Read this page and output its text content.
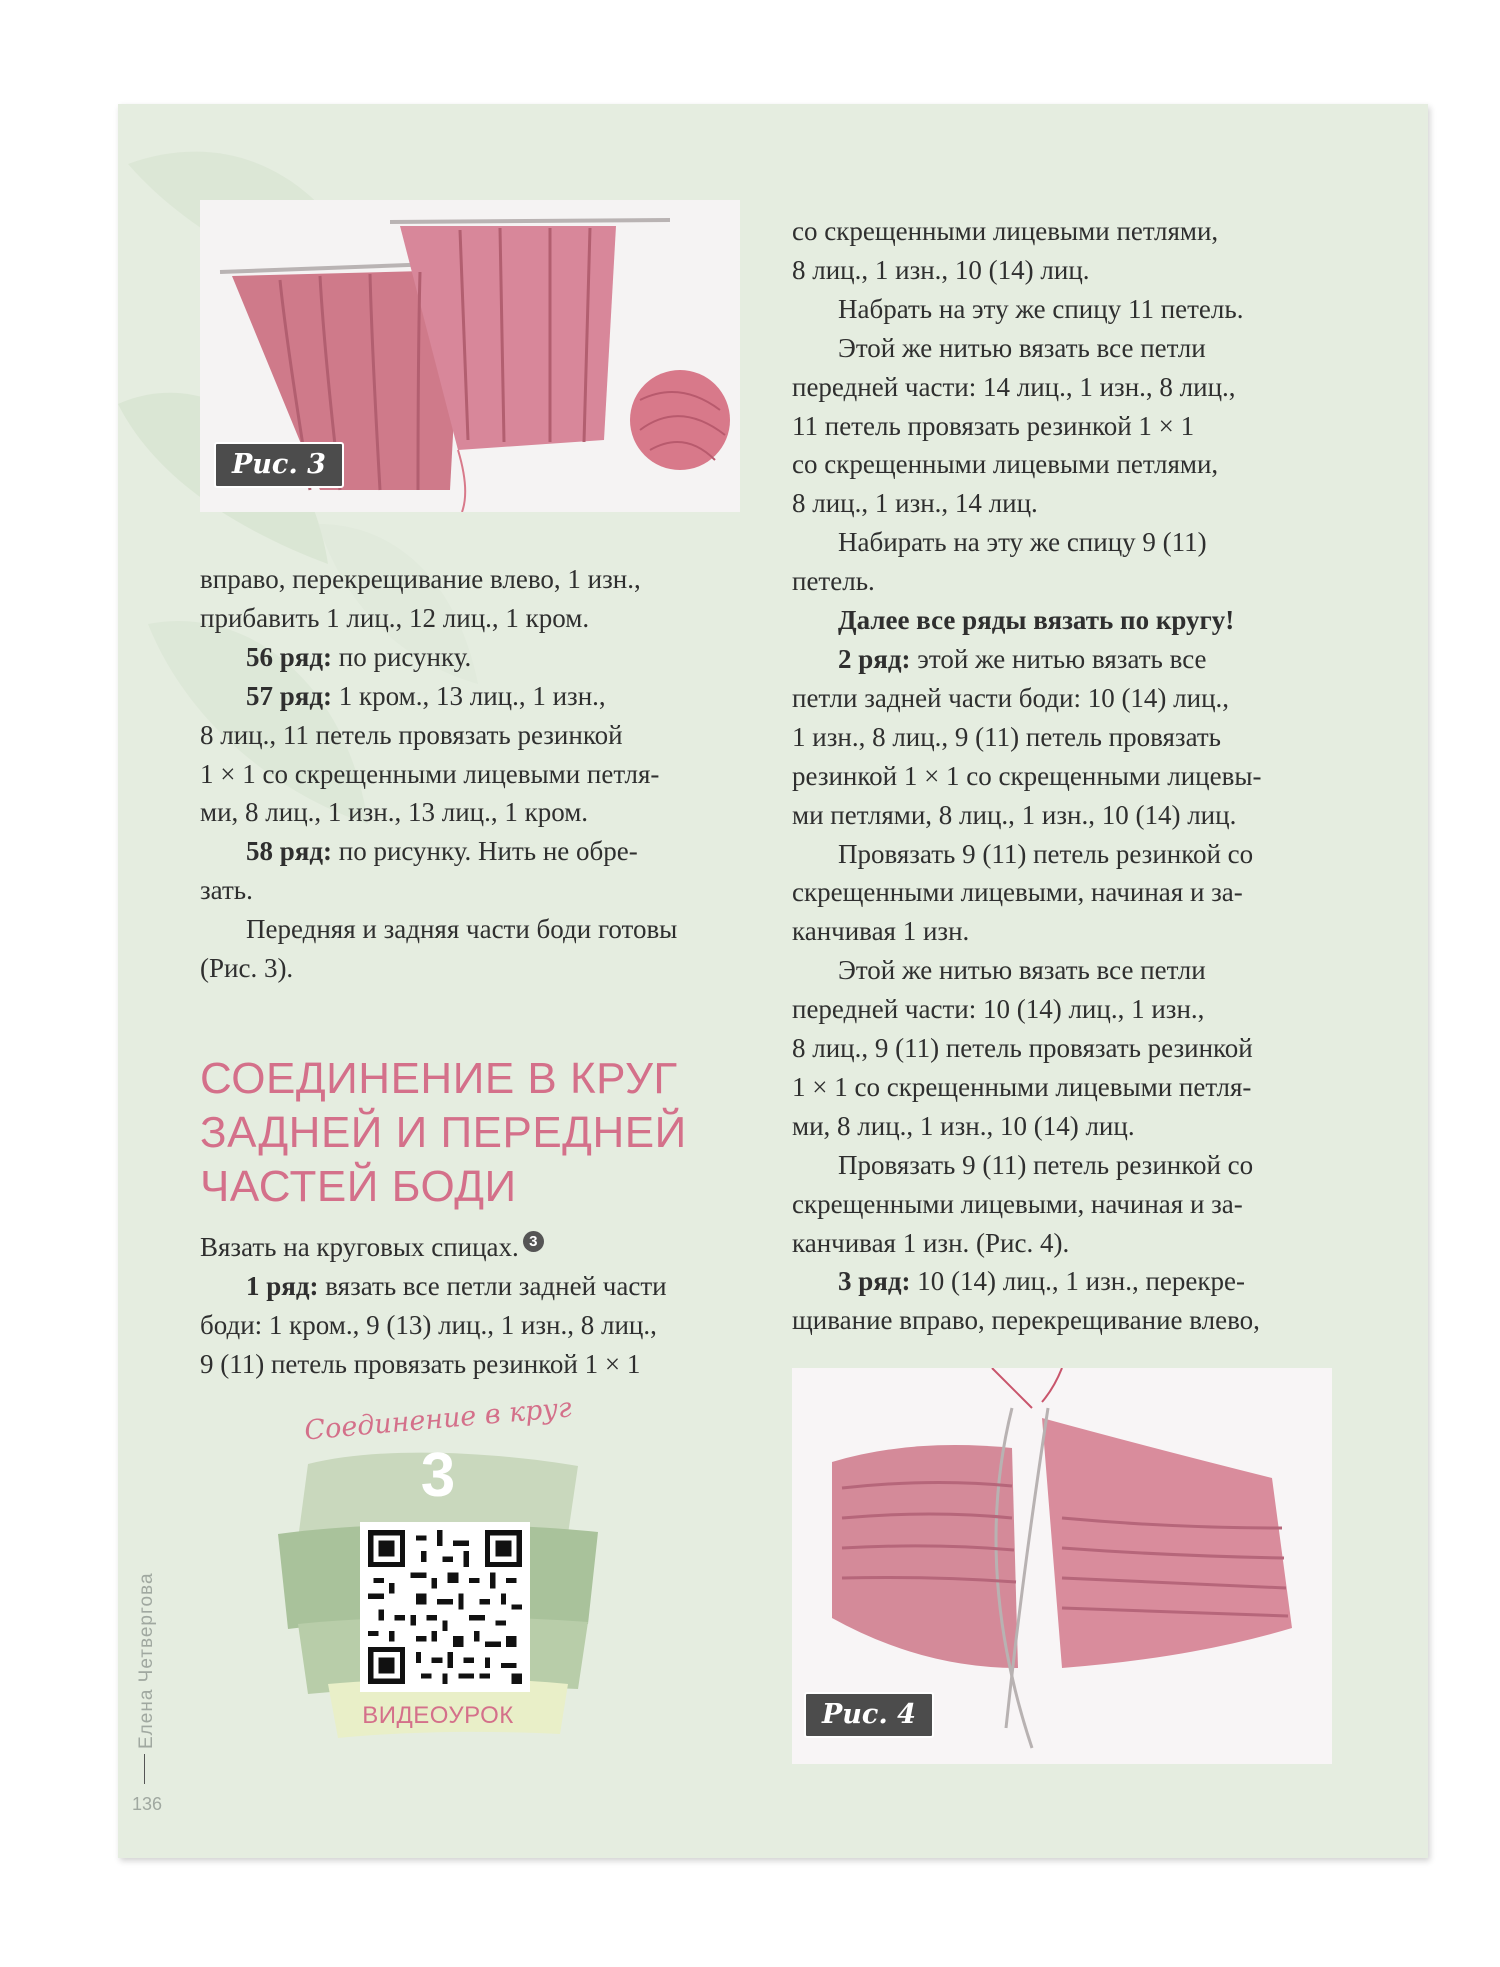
Рис. 3

вправо, перекрещивание влево, 1 изн.,

прибавить 1 лиц., 12 лиц., 1 кром.

56 ряд: по рисунку.

57 ряд: 1 кром., 13 лиц., 1 изн.,

8 лиц., 11 петель провязать резинкой

1 × 1 со скрещенными лицевыми петля-

ми, 8 лиц., 1 изн., 13 лиц., 1 кром.

58 ряд: по рисунку. Нить не обре-

зать.

Передняя и задняя части боди готовы

(Рис. 3).

СОЕДИНЕНИЕ В КРУГ
ЗАДНЕЙ И ПЕРЕДНЕЙ
ЧАСТЕЙ БОДИ

Вязать на круговых спицах. 3

1 ряд: вязать все петли задней части

боди: 1 кром., 9 (13) лиц., 1 изн., 8 лиц.,

9 (11) петель провязать резинкой 1 × 1

Соединение в круг

3

ВИДЕОУРОК

со скрещенными лицевыми петлями,

8 лиц., 1 изн., 10 (14) лиц.

Набрать на эту же спицу 11 петель.

Этой же нитью вязать все петли

передней части: 14 лиц., 1 изн., 8 лиц.,

11 петель провязать резинкой 1 × 1

со скрещенными лицевыми петлями,

8 лиц., 1 изн., 14 лиц.

Набирать на эту же спицу 9 (11)

петель.

Далее все ряды вязать по кругу!

2 ряд: этой же нитью вязать все

петли задней части боди: 10 (14) лиц.,

1 изн., 8 лиц., 9 (11) петель провязать

резинкой 1 × 1 со скрещенными лицевы-

ми петлями, 8 лиц., 1 изн., 10 (14) лиц.

Провязать 9 (11) петель резинкой со

скрещенными лицевыми, начиная и за-

канчивая 1 изн.

Этой же нитью вязать все петли

передней части: 10 (14) лиц., 1 изн.,

8 лиц., 9 (11) петель провязать резинкой

1 × 1 со скрещенными лицевыми петля-

ми, 8 лиц., 1 изн., 10 (14) лиц.

Провязать 9 (11) петель резинкой со

скрещенными лицевыми, начиная и за-

канчивая 1 изн. (Рис. 4).

3 ряд: 10 (14) лиц., 1 изн., перекре-

щивание вправо, перекрещивание влево,

Рис. 4
Елена Четвергова
136
